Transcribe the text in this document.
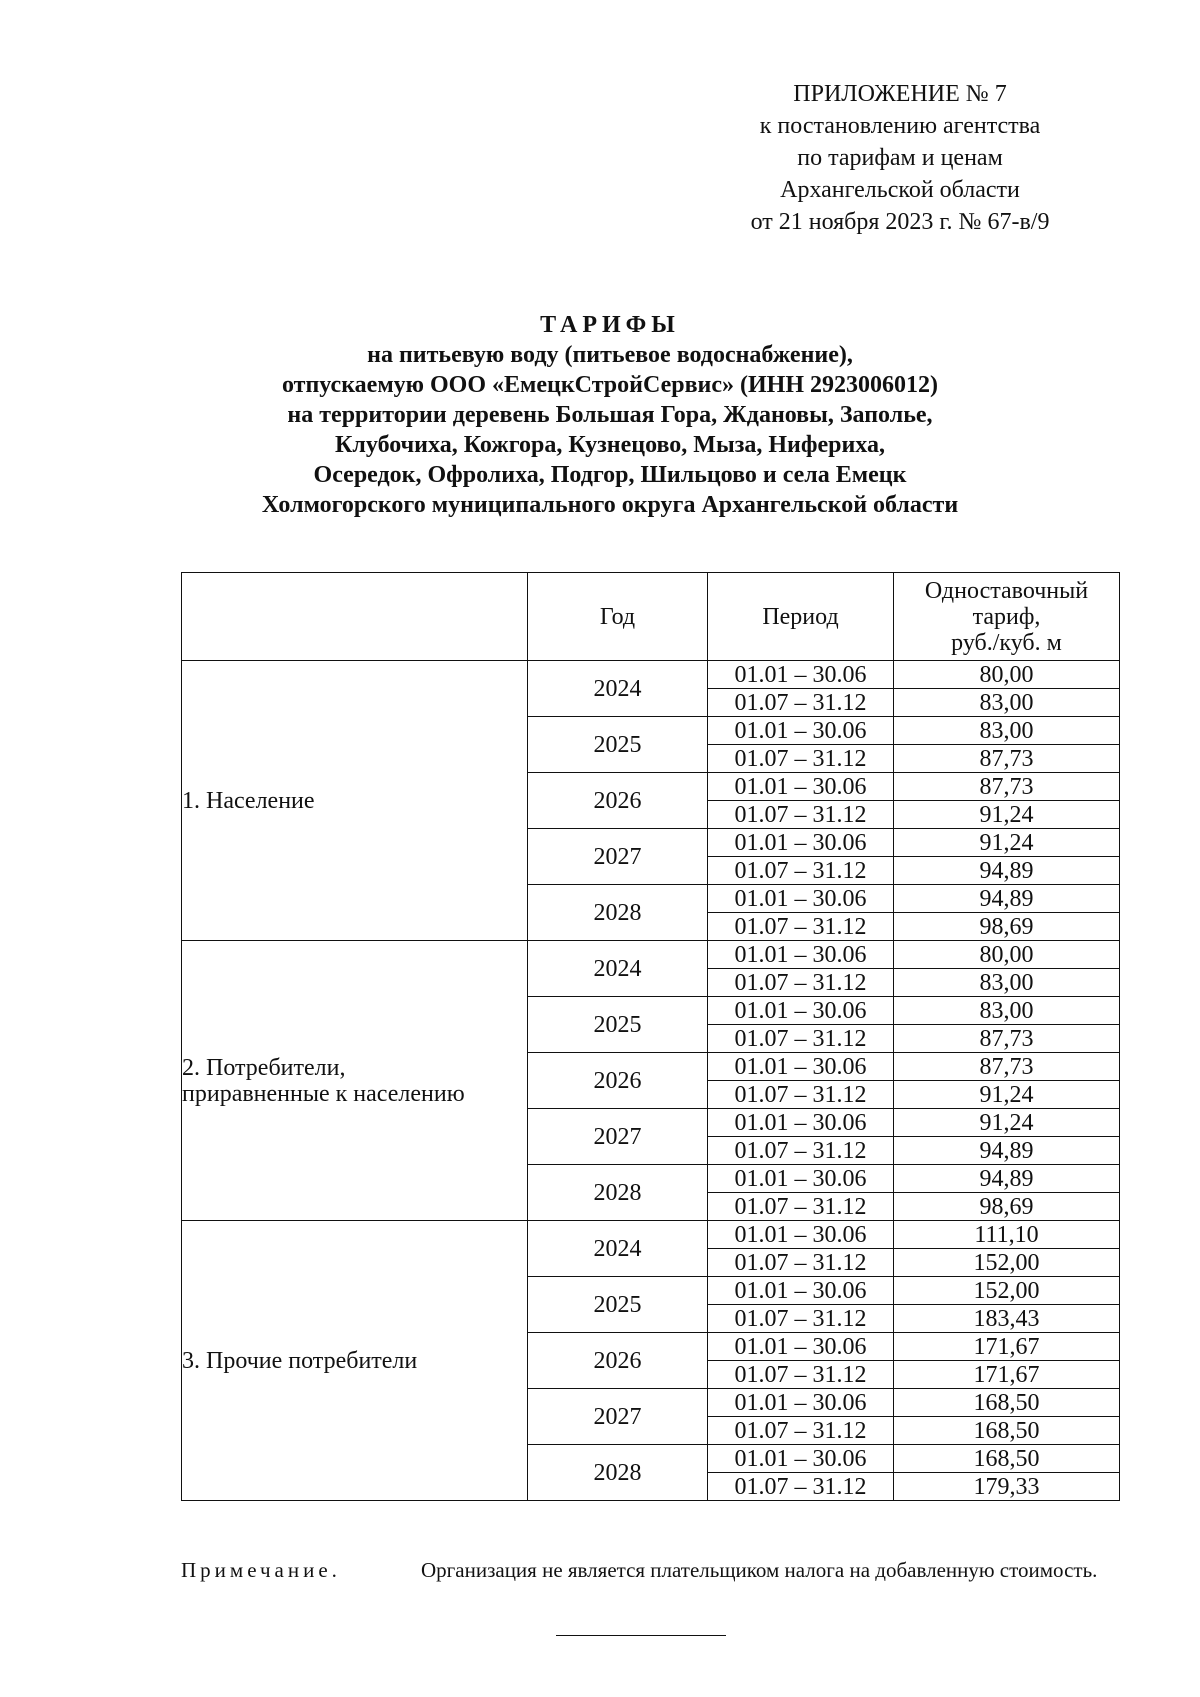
ПРИЛОЖЕНИЕ № 7
к постановлению агентства
по тарифам и ценам
Архангельской области
от 21 ноября 2023 г. № 67-в/9
ТАРИФЫ
на питьевую воду (питьевое водоснабжение),
отпускаемую ООО «ЕмецкСтройСервис» (ИНН 2923006012)
на территории деревень Большая Гора, Ждановы, Заполье,
Клубочиха, Кожгора, Кузнецово, Мыза, Нифериха,
Осередок, Офролиха, Подгор, Шильцово и села Емецк
Холмогорского муниципального округа Архангельской области
	Год	Период	Одноставочный
тариф,
руб./куб. м

1. Население	2024	01.01 – 30.06	80,00
		01.07 – 31.12	83,00
	2025	01.01 – 30.06	83,00
		01.07 – 31.12	87,73
	2026	01.01 – 30.06	87,73
		01.07 – 31.12	91,24
	2027	01.01 – 30.06	91,24
		01.07 – 31.12	94,89
	2028	01.01 – 30.06	94,89
		01.07 – 31.12	98,69

2. Потребители,
приравненные к населению	2024	01.01 – 30.06	80,00
		01.07 – 31.12	83,00
	2025	01.01 – 30.06	83,00
		01.07 – 31.12	87,73
	2026	01.01 – 30.06	87,73
		01.07 – 31.12	91,24
	2027	01.01 – 30.06	91,24
		01.07 – 31.12	94,89
	2028	01.01 – 30.06	94,89
		01.07 – 31.12	98,69

3. Прочие потребители	2024	01.01 – 30.06	111,10
		01.07 – 31.12	152,00
	2025	01.01 – 30.06	152,00
		01.07 – 31.12	183,43
	2026	01.01 – 30.06	171,67
		01.07 – 31.12	171,67
	2027	01.01 – 30.06	168,50
		01.07 – 31.12	168,50
	2028	01.01 – 30.06	168,50
		01.07 – 31.12	179,33
Примечание.	Организация не является плательщиком налога на добавленную стоимость.
